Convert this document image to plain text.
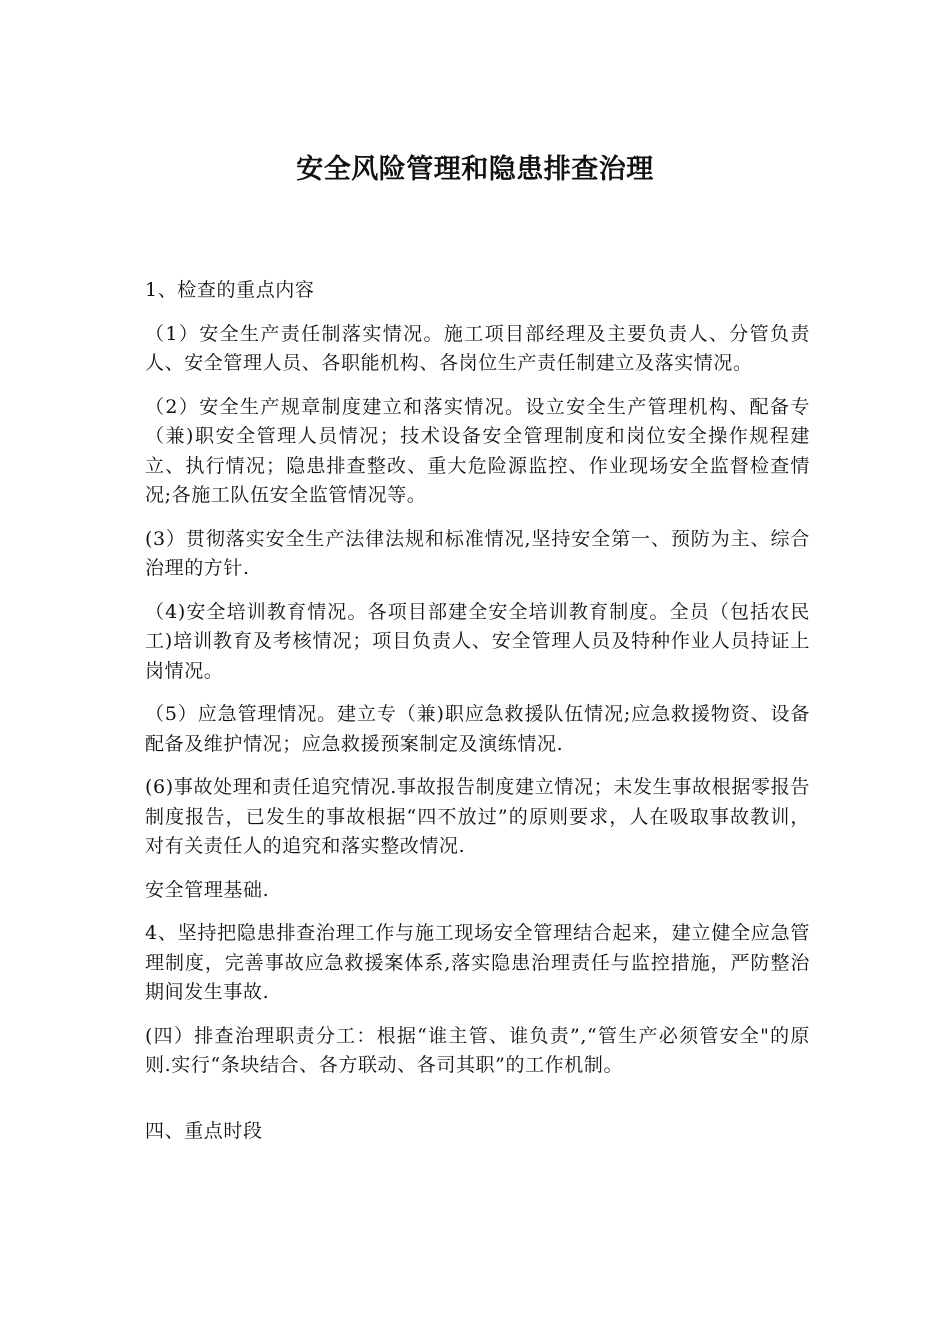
安全风险管理和隐患排查治理

1、检查的重点内容

（1）安全生产责任制落实情况。施工项目部经理及主要负责人、分管负责人、安全管理人员、各职能机构、各岗位生产责任制建立及落实情况。

（2）安全生产规章制度建立和落实情况。设立安全生产管理机构、配备专（兼)职安全管理人员情况；技术设备安全管理制度和岗位安全操作规程建立、执行情况；隐患排查整改、重大危险源监控、作业现场安全监督检查情况;各施工队伍安全监管情况等。

(3）贯彻落实安全生产法律法规和标准情况,坚持安全第一、预防为主、综合治理的方针.

（4)安全培训教育情况。各项目部建全安全培训教育制度。全员（包括农民工)培训教育及考核情况；项目负责人、安全管理人员及特种作业人员持证上岗情况。

（5）应急管理情况。建立专（兼)职应急救援队伍情况;应急救援物资、设备配备及维护情况；应急救援预案制定及演练情况.

(6)事故处理和责任追究情况.事故报告制度建立情况；未发生事故根据零报告制度报告，已发生的事故根据“四不放过”的原则要求，人在吸取事故教训，对有关责任人的追究和落实整改情况.

安全管理基础.

4、坚持把隐患排查治理工作与施工现场安全管理结合起来，建立健全应急管理制度，完善事故应急救援案体系,落实隐患治理责任与监控措施，严防整治期间发生事故.

(四）排查治理职责分工：根据“谁主管、谁负责”,“管生产必须管安全"的原则.实行“条块结合、各方联动、各司其职”的工作机制。

四、重点时段
